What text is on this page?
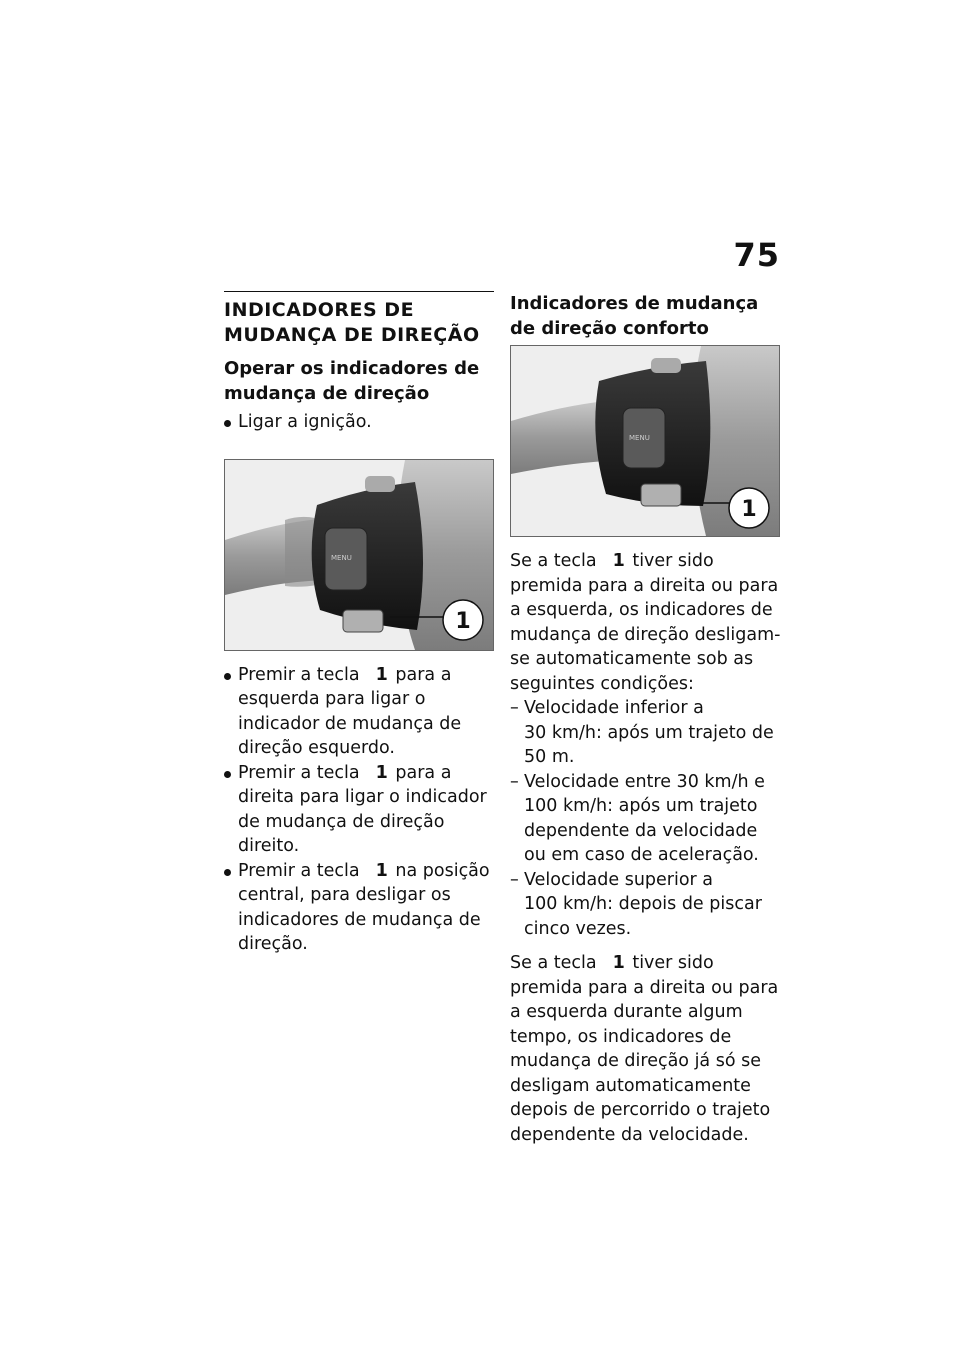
75
INDICADORES DE MUDANÇA DE DIREÇÃO
Operar os indicadores de mudança de direção
Ligar a ignição.
MENU
1
Premir a tecla 1 para a esquerda para ligar o indicador de mudança de direção esquerdo.
Premir a tecla 1 para a direita para ligar o indicador de mudança de direção direito.
Premir a tecla 1 na posição central, para desligar os indicadores de mudança de direção.
Indicadores de mudança de direção conforto
MENU
1
Se a tecla 1 tiver sido premida para a direita ou para a esquerda, os indicadores de mudança de direção desligam-se automaticamente sob as seguintes condições:
– Velocidade inferior a
30 km/h: após um trajeto de 50 m.
– Velocidade entre 30 km/h e
100 km/h: após um trajeto dependente da velocidade ou em caso de aceleração.
– Velocidade superior a
100 km/h: depois de piscar cinco vezes.
Se a tecla 1 tiver sido premida para a direita ou para a esquerda durante algum tempo, os indicadores de mudança de direção já só se desligam automaticamente depois de percorrido o trajeto dependente da velocidade.
